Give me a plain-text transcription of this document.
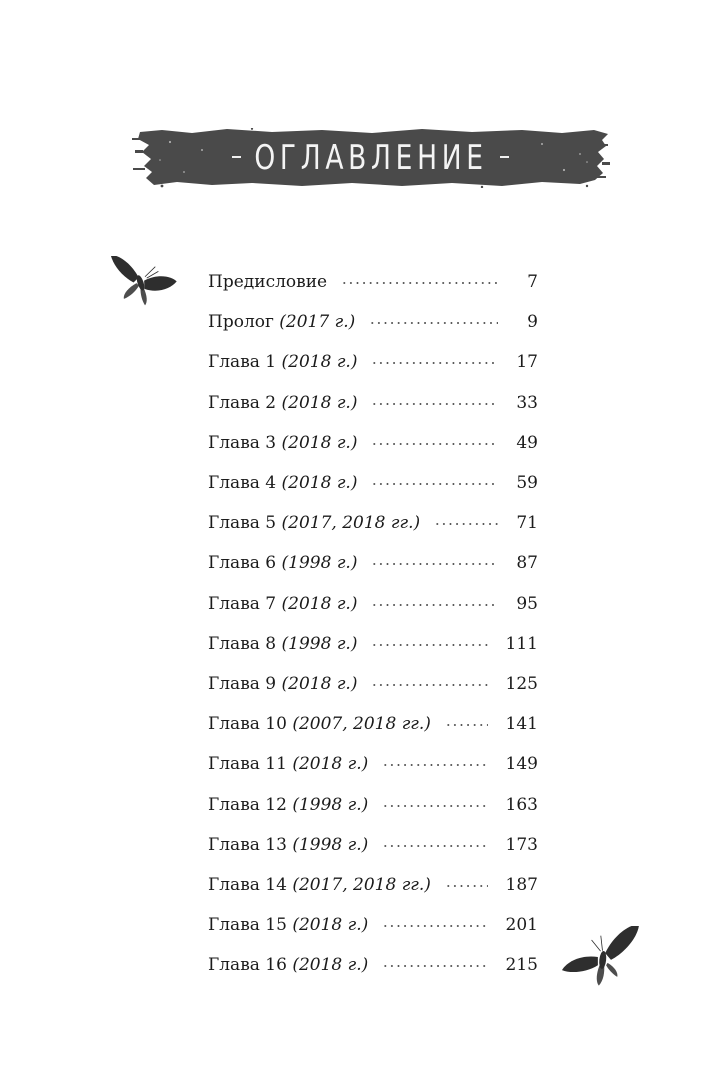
ОГЛАВЛЕНИЕ
Предисловие	7
Пролог (2017 г.)	9
Глава 1 (2018 г.)	17
Глава 2 (2018 г.)	33
Глава 3 (2018 г.)	49
Глава 4 (2018 г.)	59
Глава 5 (2017, 2018 гг.)	71
Глава 6 (1998 г.)	87
Глава 7 (2018 г.)	95
Глава 8 (1998 г.)	111
Глава 9 (2018 г.)	125
Глава 10 (2007, 2018 гг.)	141
Глава 11 (2018 г.)	149
Глава 12 (1998 г.)	163
Глава 13 (1998 г.)	173
Глава 14 (2017, 2018 гг.)	187
Глава 15 (2018 г.)	201
Глава 16 (2018 г.)	215
